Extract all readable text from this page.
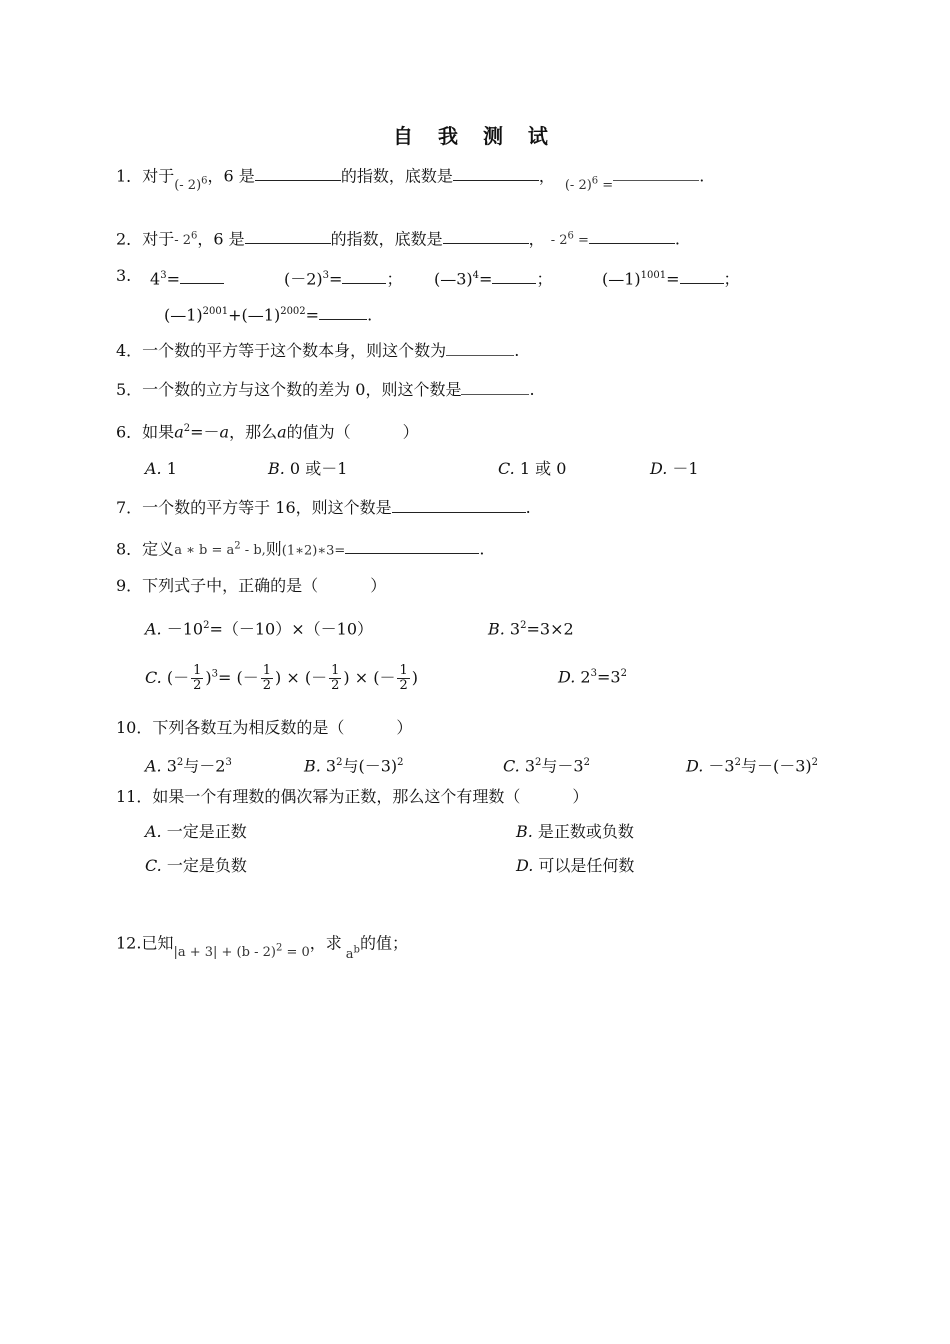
自 我 测 试
1．对于$_{(- 2)^6}$，6 是	的指数，底数是	，$_{(- 2)^6 =}$.
2．对于- $2^6$，6 是	的指数，底数是	， - $2^6$ =	.
3. $4^3=$	$(-2)^3=$	； (—3)$^4$=	；	(—1)$^{1001}$=	；
(—1)$^{2001}$+(—1)$^{2002}$=	.
4．一个数的平方等于这个数本身，则这个数为	.
5．一个数的立方与这个数的差为 0，则这个数是	.
6．如果$a^2=-a$，那么a的值为（	）
A. 1	B. 0 或－1	C. 1 或 0	D. －1
7．一个数的平方等于 16，则这个数是	.
8．定义a ∗ $b = a^2 - b$,则(1∗2)∗3=	.
9．下列式子中，正确的是（	）
A. $-10^2=(-10)\times(-10)$	B. $3^2=3\times 2$
C. (－ $\frac{1}{2} )^3=$ (－ $\frac{1}{2}$ ) × (－ $\frac{1}{2}$ ) × (－ $\frac{1}{2}$ )	D. $2^3=3^2$
10．下列各数互为相反数的是（	）
A. $3^2$与$-2^3$	B. $3^2$与$(-3)^2$	C. $3^2$与$-3^2$	D. $-3^2$与$-(-3)^2$
11．如果一个有理数的偶次幂为正数，那么这个有理数（	）
A. 一定是正数	B. 是正数或负数
C. 一定是负数	D. 可以是任何数
12.已知$_{|a + 3| + (b - 2)^2 = 0}$，求$_{a^b}$的值；
